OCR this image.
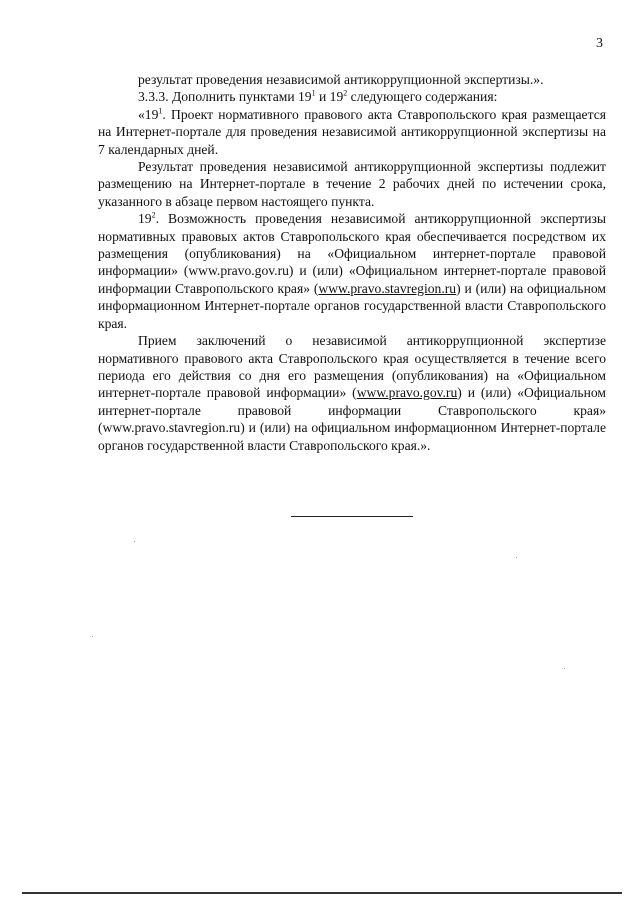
3

результат проведения независимой антикоррупционной экспертизы.».

3.3.3. Дополнить пунктами $19^1$ и $19^2$ следующего содержания:

«$19^1$. Проект нормативного правового акта Ставропольского края размещается на Интернет-портале для проведения независимой антикоррупционной экспертизы на 7 календарных дней.

Результат проведения независимой антикоррупционной экспертизы подлежит размещению на Интернет-портале в течение 2 рабочих дней по истечении срока, указанного в абзаце первом настоящего пункта.

$19^2$. Возможность проведения независимой антикоррупционной экспертизы нормативных правовых актов Ставропольского края обеспечивается посредством их размещения (опубликования) на «Официальном интернет-портале правовой информации» (www.pravo.gov.ru) и (или) «Официальном интернет-портале правовой информации Ставропольского края» (www.pravo.stavregion.ru) и (или) на официальном информационном Интернет-портале органов государственной власти Ставропольского края.

Прием заключений о независимой антикоррупционной экспертизе нормативного правового акта Ставропольского края осуществляется в течение всего периода его действия со дня его размещения (опубликования) на «Официальном интернет-портале правовой информации» (www.pravo.gov.ru) и (или) «Официальном интернет-портале правовой информации Ставропольского края» (www.pravo.stavregion.ru) и (или) на официальном информационном Интернет-портале органов государственной власти Ставропольского края.».
